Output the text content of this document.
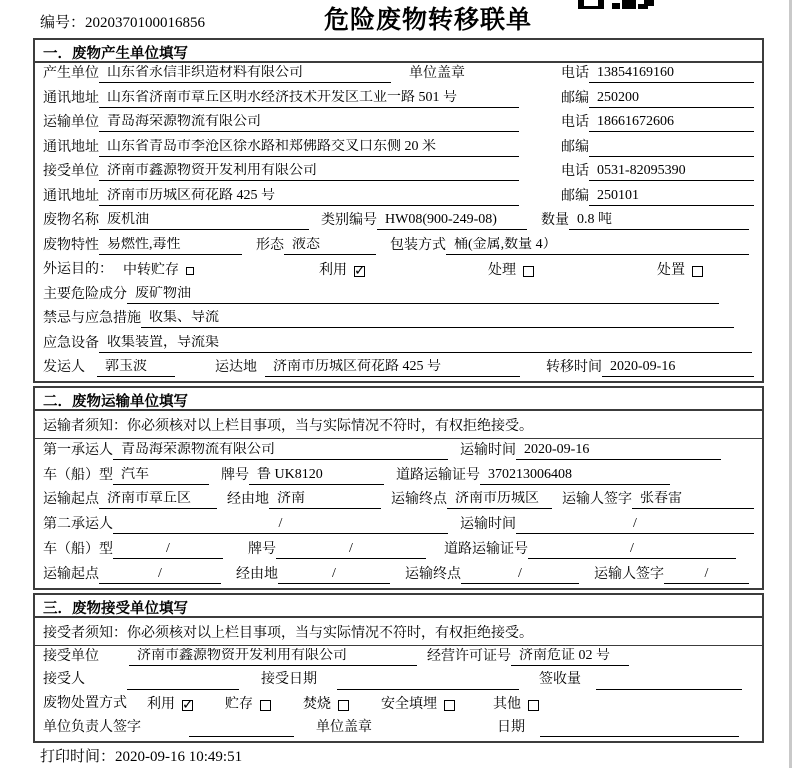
编号：2020370100016856	危险废物转移联单
一．废物产生单位填写
产生单位 山东省永信非织造材料有限公司	单位盖章	电话 13854169160
通讯地址 山东省济南市章丘区明水经济技术开发区工业一路 501 号	邮编 250200
运输单位 青岛海荣源物流有限公司	电话 18661672606
通讯地址 山东省青岛市李沧区徐水路和郑佛路交叉口东侧 20 米	邮编
接受单位 济南市鑫源物资开发利用有限公司	电话 0531-82095390
通讯地址 济南市历城区荷花路 425 号	邮编 250101
废物名称 废机油	类别编号 HW08(900-249-08)	数量 0.8 吨
废物特性 易燃性,毒性	形态 液态	包装方式 桶(金属,数量 4）
外运目的： 中转贮存	利用 ✓	处理	处置
主要危险成分 废矿物油
禁忌与应急措施 收集、导流
应急设备 收集装置，导流渠
发运人	郭玉波	运达地	济南市历城区荷花路 425 号	转移时间 2020-09-16
二．废物运输单位填写
运输者须知：你必须核对以上栏目事项，当与实际情况不符时，有权拒绝接受。
第一承运人 青岛海荣源物流有限公司	运输时间 2020-09-16
车（船）型 汽车	牌号 鲁 UK8120	道路运输证号 370213006408
运输起点 济南市章丘区	经由地 济南	运输终点 济南市历城区	运输人签字 张春雷
第二承运人	/	运输时间	/
车（船）型	/	牌号	/	道路运输证号	/
运输起点	/	经由地	/	运输终点	/	运输人签字	/
三．废物接受单位填写
接受者须知：你必须核对以上栏目事项，当与实际情况不符时，有权拒绝接受。
接受单位	济南市鑫源物资开发利用有限公司	经营许可证号 济南危证 02 号
接受人	接受日期	签收量
废物处置方式 利用 ✓	贮存	焚烧	安全填埋	其他
单位负责人签字	单位盖章	日期
打印时间：2020-09-16 10:49:51
